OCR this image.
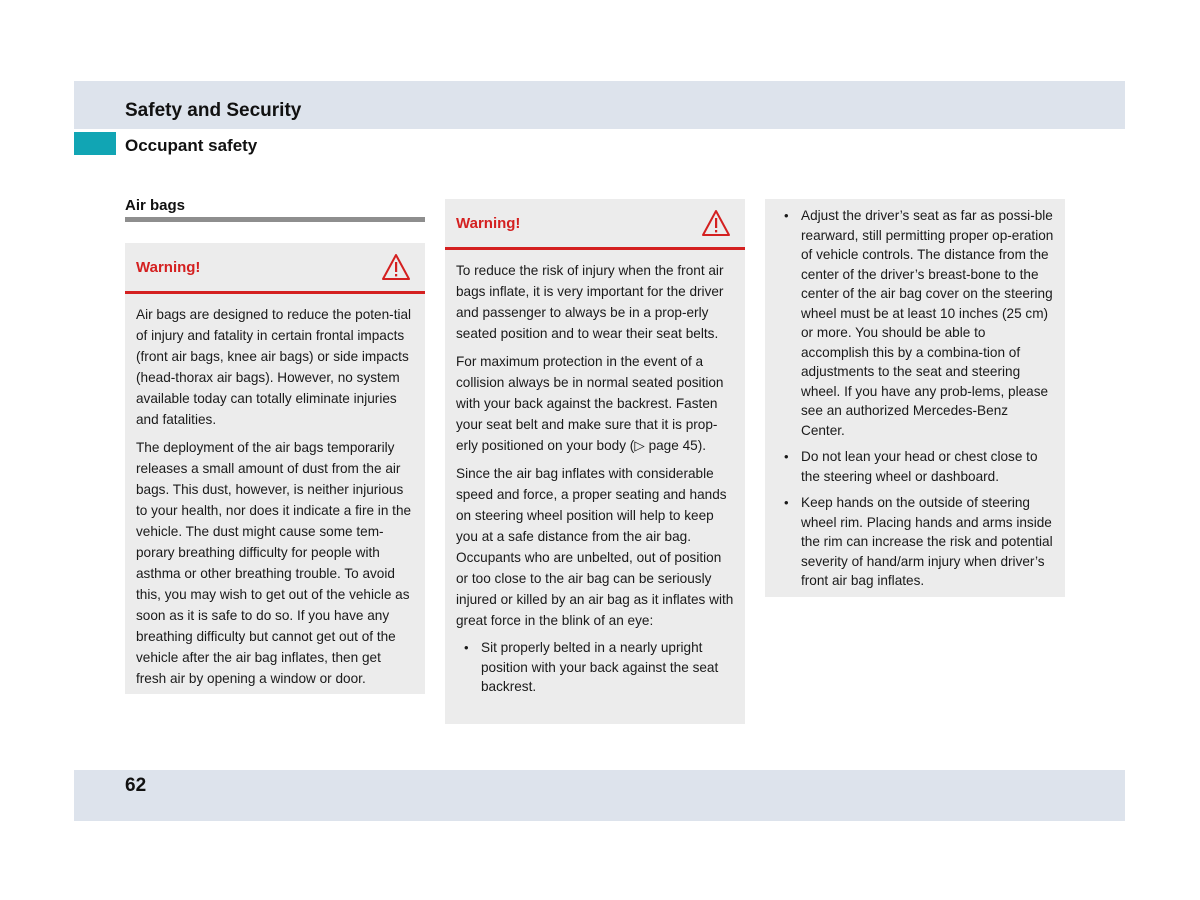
Safety and Security
Occupant safety
Air bags
Warning!

Air bags are designed to reduce the poten-tial of injury and fatality in certain frontal impacts (front air bags, knee air bags) or side impacts (head-thorax air bags). However, no system available today can totally eliminate injuries and fatalities.

The deployment of the air bags temporarily releases a small amount of dust from the air bags. This dust, however, is neither injurious to your health, nor does it indicate a fire in the vehicle. The dust might cause some tem-porary breathing difficulty for people with asthma or other breathing trouble. To avoid this, you may wish to get out of the vehicle as soon as it is safe to do so. If you have any breathing difficulty but cannot get out of the vehicle after the air bag inflates, then get fresh air by opening a window or door.

Warning!

To reduce the risk of injury when the front air bags inflate, it is very important for the driver and passenger to always be in a prop-erly seated position and to wear their seat belts.

For maximum protection in the event of a collision always be in normal seated position with your back against the backrest. Fasten your seat belt and make sure that it is prop-erly positioned on your body (▷ page 45).

Since the air bag inflates with considerable speed and force, a proper seating and hands on steering wheel position will help to keep you at a safe distance from the air bag. Occupants who are unbelted, out of position or too close to the air bag can be seriously injured or killed by an air bag as it inflates with great force in the blink of an eye:

• Sit properly belted in a nearly upright position with your back against the seat backrest.
• Adjust the driver’s seat as far as possi-ble rearward, still permitting proper op-eration of vehicle controls. The distance from the center of the driver’s breast-bone to the center of the air bag cover on the steering wheel must be at least 10 inches (25 cm) or more. You should be able to accomplish this by a combina-tion of adjustments to the seat and steering wheel. If you have any prob-lems, please see an authorized Mercedes-Benz Center.
• Do not lean your head or chest close to the steering wheel or dashboard.
• Keep hands on the outside of steering wheel rim. Placing hands and arms inside the rim can increase the risk and potential severity of hand/arm injury when driver’s front air bag inflates.
62
